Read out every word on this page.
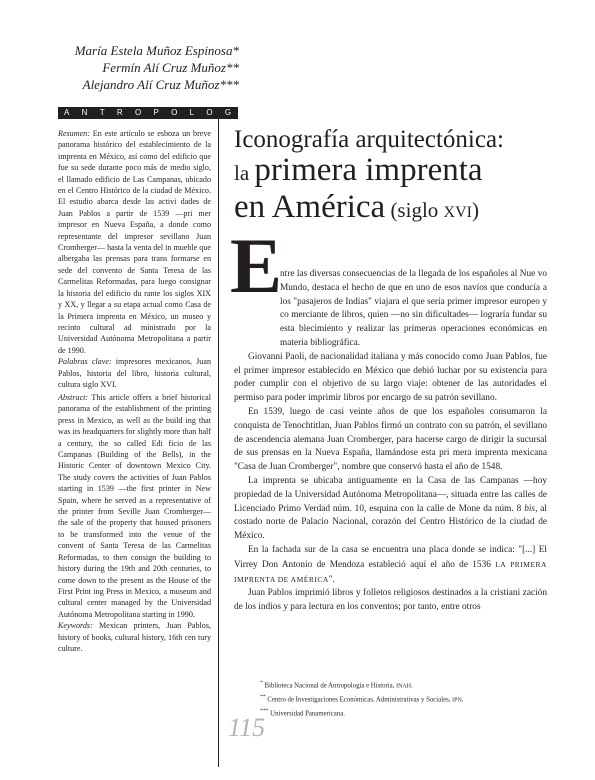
María Estela Muñoz Espinosa*
Fermín Alí Cruz Muñoz**
Alejandro Alí Cruz Muñoz***
ANTROPOLOGIA

Resumen: En este artículo se esboza un breve panorama histórico del establecimiento de la imprenta en México, así como del edificio que fue su sede durante poco más de medio siglo, el llamado edificio de Las Campanas, ubicado en el Centro Histórico de la ciudad de México. El estudio abarca desde las activi dades de Juan Pablos a partir de 1539 —pri mer impresor en Nueva España, a donde como representante del impresor sevillano Juan Cromberger— hasta la venta del in mueble que albergaba las prensas para trans formarse en sede del convento de Santa Teresa de las Carmelitas Reformadas, para luego consignar la historia del edificio du rante los siglos XIX y XX, y llegar a su etapa actual como Casa de la Primera imprenta en México, un museo y recinto cultural ad ministrado por la Universidad Autónoma Metropolitana a partir de 1990.

Palabras clave: impresores mexicanos, Juan Pablos, historia del libro, historia cultural, cultura siglo XVI.

Abstract: This article offers a brief historical panorama of the establishment of the printing press in Mexico, as well as the build ing that was its headquarters for slightly more than half a century, the so called Edi ficio de las Campanas (Building of the Bells), in the Historic Center of downtown Mexico City. The study covers the activities of Juan Pablos starting in 1539 —the first printer in New Spain, where he served as a representative of the printer from Seville Juan Cromberger— the sale of the property that housed prisoners to be transformed into the venue of the convent of Santa Teresa de las Carmelitas Reformadas, to then consign the building to history during the 19th and 20th centuries, to come down to the present as the House of the First Print ing Press in Mexico, a museum and cultural center managed by the Universidad Autónoma Metropolitana starting in 1990.

Keywords: Mexican printers, Juan Pablos, history of books, cultural history, 16th cen tury culture.

Iconografía arquitectónica:
la primera imprenta
en América (siglo XVI)
E

ntre las diversas consecuencias de la llegada de los españoles al Nue vo Mundo, destaca el hecho de que en uno de esos navíos que conducía a los "pasajeros de Indias" viajara el que sería primer impresor europeo y co merciante de libros, quien —no sin dificultades— lograría fundar su esta blecimiento y realizar las primeras operaciones económicas en materia bibliográfica.

Giovanni Paoli, de nacionalidad italiana y más conocido como Juan Pablos, fue el primer impresor establecido en México que debió luchar por su existencia para poder cumplir con el objetivo de su largo viaje: obtener de las autoridades el permiso para poder imprimir libros por encargo de su patrón sevillano.

En 1539, luego de casi veinte años de que los españoles consumaron la conquista de Tenochtitlan, Juan Pablos firmó un contrato con su patrón, el sevillano de ascendencia alemana Juan Cromberger, para hacerse cargo de dirigir la sucursal de sus prensas en la Nueva España, llamándose esta pri mera imprenta mexicana "Casa de Juan Cromberger", nombre que conservó hasta el año de 1548.

La imprenta se ubicaba antiguamente en la Casa de las Campanas —hoy propiedad de la Universidad Autónoma Metropolitana—, situada entre las calles de Licenciado Primo Verdad núm. 10, esquina con la calle de Mone da núm. 8 bis, al costado norte de Palacio Nacional, corazón del Centro Histórico de la ciudad de México.

En la fachada sur de la casa se encuentra una placa donde se indica: "[...] El Virrey Don Antonio de Mendoza estableció aquí el año de 1536 LA PRIMERA IMPRENTA DE AMÉRICA".

Juan Pablos imprimió libros y folletos religiosos destinados a la cristiani zación de los indios y para lectura en los conventos; por tanto, entre otros

* Biblioteca Nacional de Antropología e Historia, INAH.
** Centro de Investigaciones Económicas, Administrativas y Sociales, IPN.
*** Universidad Panamericana.
115
